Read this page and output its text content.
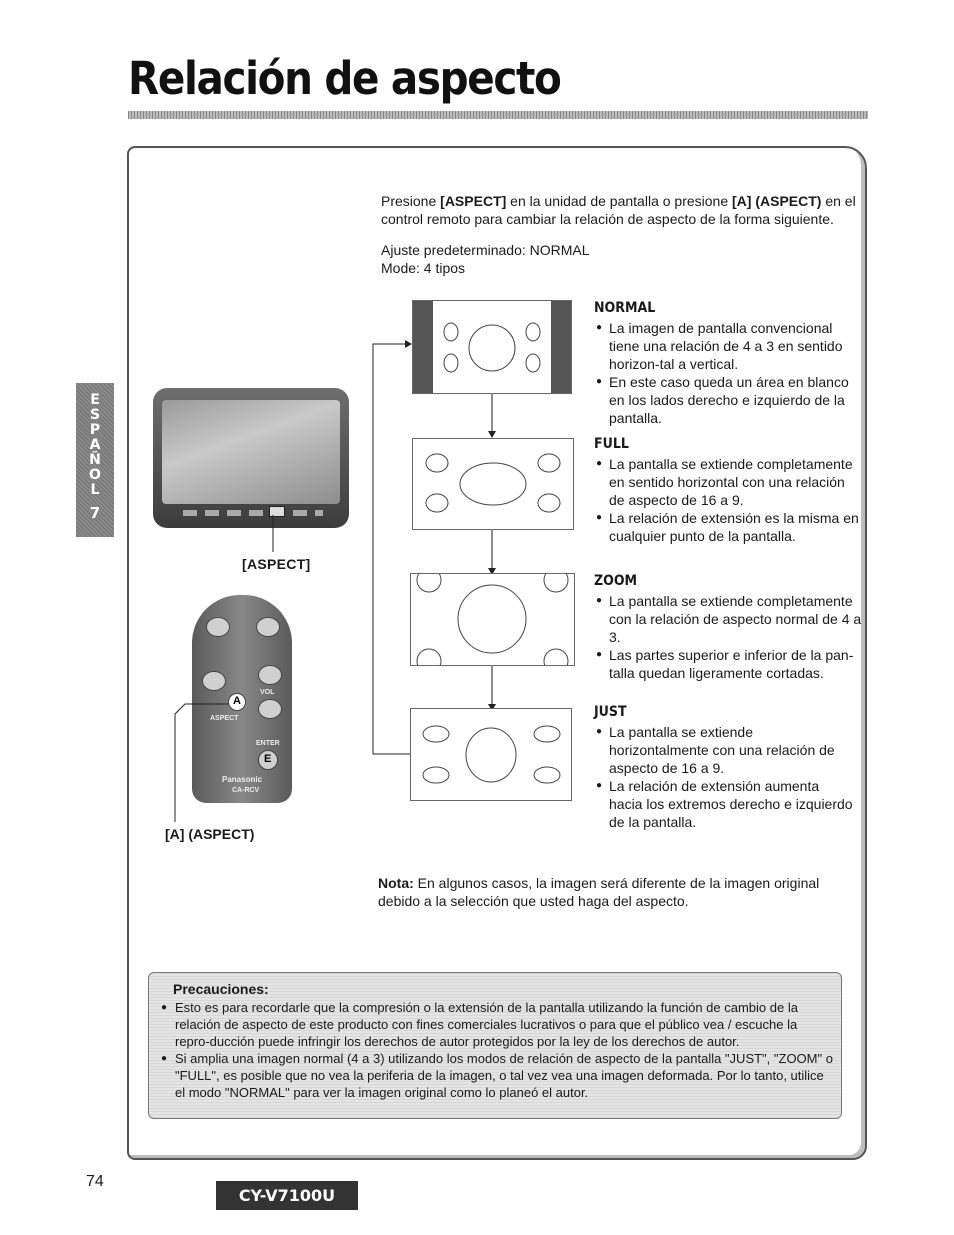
Relación de aspecto
E
S
P
A
Ñ
O
L
7
Presione [ASPECT] en la unidad de pantalla o presione [A] (ASPECT) en el control remoto para cambiar la relación de aspecto de la forma siguiente.
Ajuste predeterminado: NORMAL
Mode: 4 tipos
NORMAL
● La imagen de pantalla convencional tiene una relación de 4 a 3 en sentido horizon-tal a vertical.
● En este caso queda un área en blanco en los lados derecho e izquierdo de la pantalla.
FULL
● La pantalla se extiende completamente en sentido horizontal con una relación de aspecto de 16 a 9.
● La relación de extensión es la misma en cualquier punto de la pantalla.
ZOOM
● La pantalla se extiende completamente con la relación de aspecto normal de 4 a 3.
● Las partes superior e inferior de la pan-talla quedan ligeramente cortadas.
JUST
● La pantalla se extiende horizontalmente con una relación de aspecto de 16 a 9.
● La relación de extensión aumenta hacia los extremos derecho e izquierdo de la pantalla.
[ASPECT]
A
VOL
ASPECT
ENTER
E
Panasonic
CA-RCV
[A] (ASPECT)
Nota: En algunos casos, la imagen será diferente de la imagen original debido a la selección que usted haga del aspecto.
Precauciones:
● Esto es para recordarle que la compresión o la extensión de la pantalla utilizando la función de cambio de la relación de aspecto de este producto con fines comerciales lucrativos o para que el público vea / escuche la repro-ducción puede infringir los derechos de autor protegidos por la ley de los derechos de autor.
● Si amplia una imagen normal (4 a 3) utilizando los modos de relación de aspecto de la pantalla "JUST", "ZOOM" o "FULL", es posible que no vea la periferia de la imagen, o tal vez vea una imagen deformada. Por lo tanto, utilice el modo "NORMAL" para ver la imagen original como lo planeó el autor.
74
CY-V7100U
